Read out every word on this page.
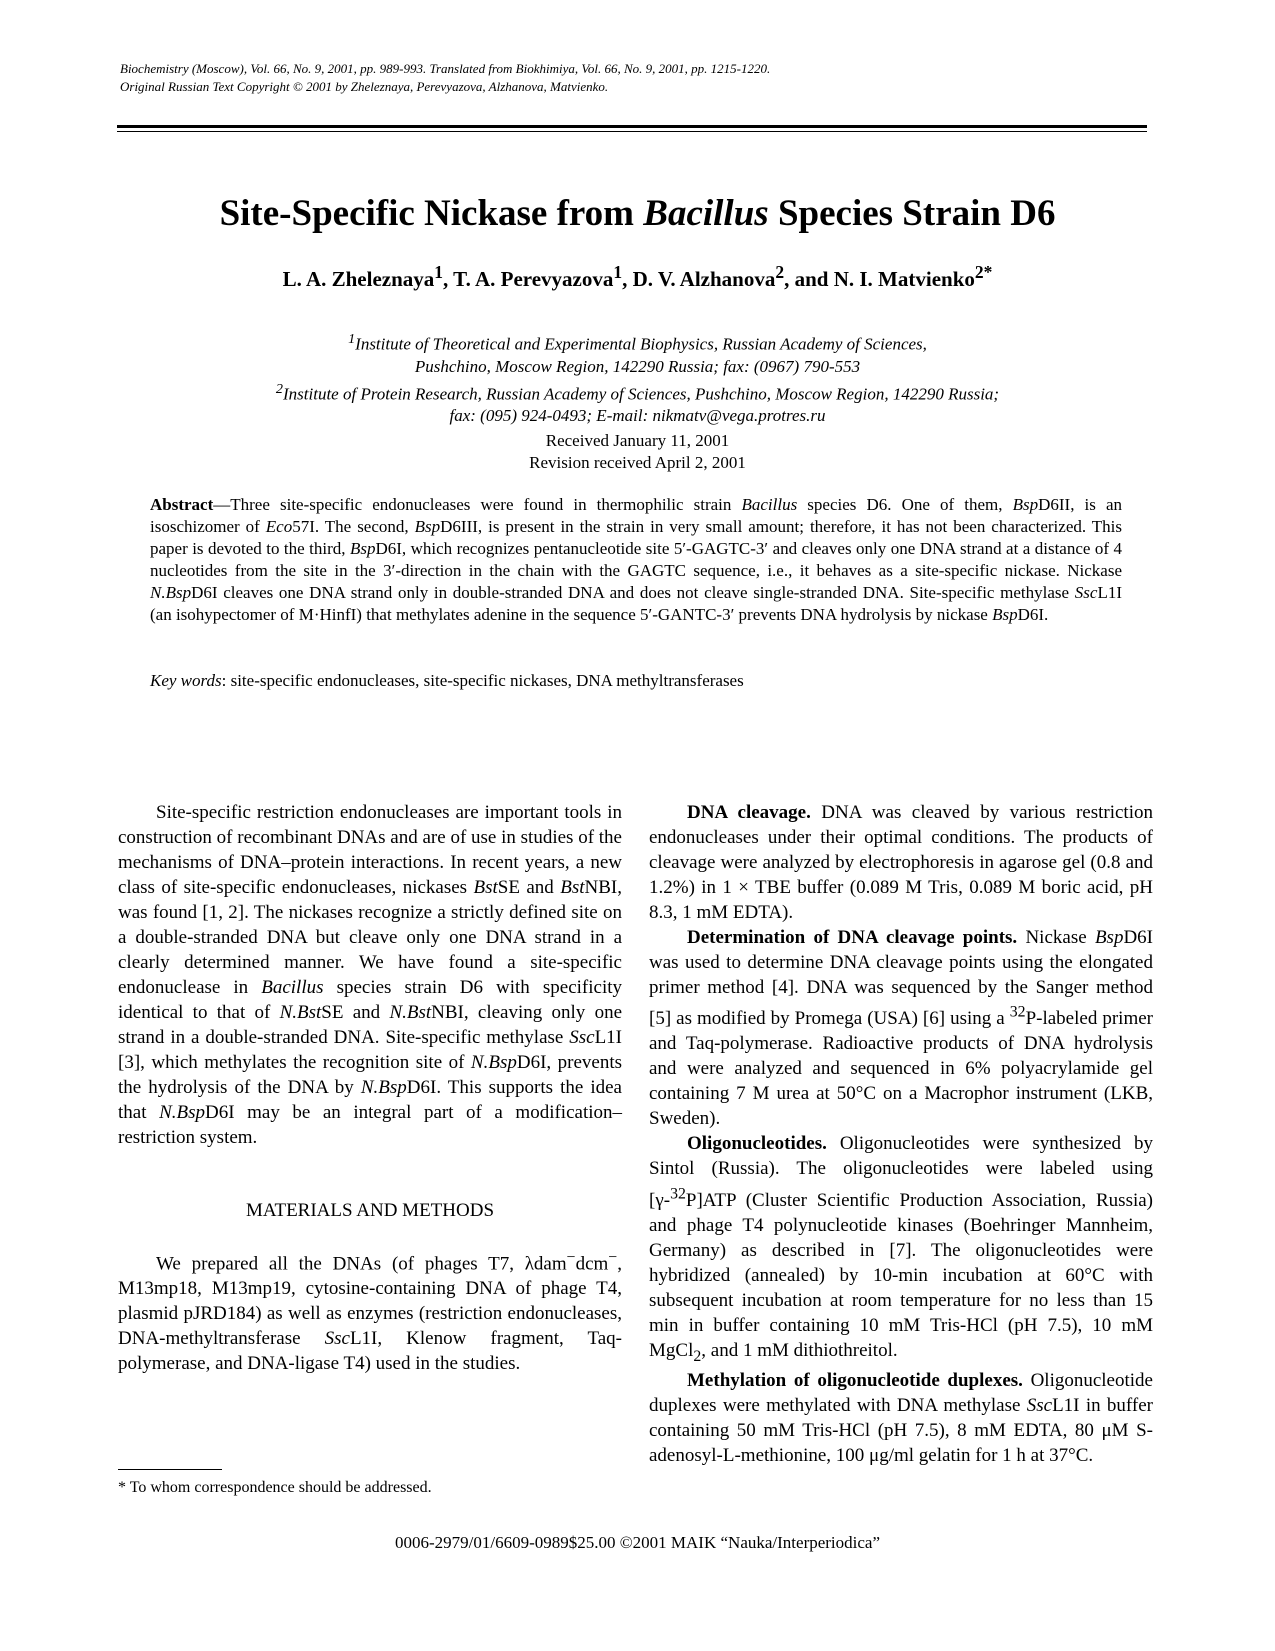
Biochemistry (Moscow), Vol. 66, No. 9, 2001, pp. 989-993. Translated from Biokhimiya, Vol. 66, No. 9, 2001, pp. 1215-1220.
Original Russian Text Copyright © 2001 by Zheleznaya, Perevyazova, Alzhanova, Matvienko.
Site-Specific Nickase from Bacillus Species Strain D6
L. A. Zheleznaya$^1$, T. A. Perevyazova$^1$, D. V. Alzhanova$^2$, and N. I. Matvienko$^{2*}$
$^1$Institute of Theoretical and Experimental Biophysics, Russian Academy of Sciences,
Pushchino, Moscow Region, 142290 Russia; fax: (0967) 790-553
$^2$Institute of Protein Research, Russian Academy of Sciences, Pushchino, Moscow Region, 142290 Russia;
fax: (095) 924-0493; E-mail: nikmatv@vega.protres.ru
Received January 11, 2001
Revision received April 2, 2001
Abstract—Three site-specific endonucleases were found in thermophilic strain Bacillus species D6. One of them, BspD6II, is an isoschizomer of Eco57I. The second, BspD6III, is present in the strain in very small amount; therefore, it has not been characterized. This paper is devoted to the third, BspD6I, which recognizes pentanucleotide site 5′-GAGTC-3′ and cleaves only one DNA strand at a distance of 4 nucleotides from the site in the 3′-direction in the chain with the GAGTC sequence, i.e., it behaves as a site-specific nickase. Nickase N.BspD6I cleaves one DNA strand only in double-stranded DNA and does not cleave single-stranded DNA. Site-specific methylase SscL1I (an isohypectomer of M·HinfI) that methylates adenine in the sequence 5′-GANTC-3′ prevents DNA hydrolysis by nickase BspD6I.
Key words: site-specific endonucleases, site-specific nickases, DNA methyltransferases

Site-specific restriction endonucleases are important tools in construction of recombinant DNAs and are of use in studies of the mechanisms of DNA–protein interactions. In recent years, a new class of site-specific endonucleases, nickases BstSE and BstNBI, was found [1, 2]. The nickases recognize a strictly defined site on a double-stranded DNA but cleave only one DNA strand in a clearly determined manner. We have found a site-specific endonuclease in Bacillus species strain D6 with specificity identical to that of N.BstSE and N.BstNBI, cleaving only one strand in a double-stranded DNA. Site-specific methylase SscL1I [3], which methylates the recognition site of N.BspD6I, prevents the hydrolysis of the DNA by N.BspD6I. This supports the idea that N.BspD6I may be an integral part of a modification–restriction system.

MATERIALS AND METHODS

We prepared all the DNAs (of phages T7, λdam−dcm−, M13mp18, M13mp19, cytosine-containing DNA of phage T4, plasmid pJRD184) as well as enzymes (restriction endonucleases, DNA-methyltransferase SscL1I, Klenow fragment, Taq-polymerase, and DNA-ligase T4) used in the studies.

DNA cleavage. DNA was cleaved by various restriction endonucleases under their optimal conditions. The products of cleavage were analyzed by electrophoresis in agarose gel (0.8 and 1.2%) in 1 × TBE buffer (0.089 M Tris, 0.089 M boric acid, pH 8.3, 1 mM EDTA).

Determination of DNA cleavage points. Nickase BspD6I was used to determine DNA cleavage points using the elongated primer method [4]. DNA was sequenced by the Sanger method [5] as modified by Promega (USA) [6] using a $^{32}$P-labeled primer and Taq-polymerase. Radioactive products of DNA hydrolysis and were analyzed and sequenced in 6% polyacrylamide gel containing 7 M urea at 50°C on a Macrophor instrument (LKB, Sweden).

Oligonucleotides. Oligonucleotides were synthesized by Sintol (Russia). The oligonucleotides were labeled using [γ-$^{32}$P]ATP (Cluster Scientific Production Association, Russia) and phage T4 polynucleotide kinases (Boehringer Mannheim, Germany) as described in [7]. The oligonucleotides were hybridized (annealed) by 10-min incubation at 60°C with subsequent incubation at room temperature for no less than 15 min in buffer containing 10 mM Tris-HCl (pH 7.5), 10 mM MgCl$_2$, and 1 mM dithiothreitol.

Methylation of oligonucleotide duplexes. Oligonucleotide duplexes were methylated with DNA methylase SscL1I in buffer containing 50 mM Tris-HCl (pH 7.5), 8 mM EDTA, 80 μM S-adenosyl-L-methionine, 100 μg/ml gelatin for 1 h at 37°C.

* To whom correspondence should be addressed.
0006-2979/01/6609-0989$25.00 ©2001 MAIK “Nauka/Interperiodica”
